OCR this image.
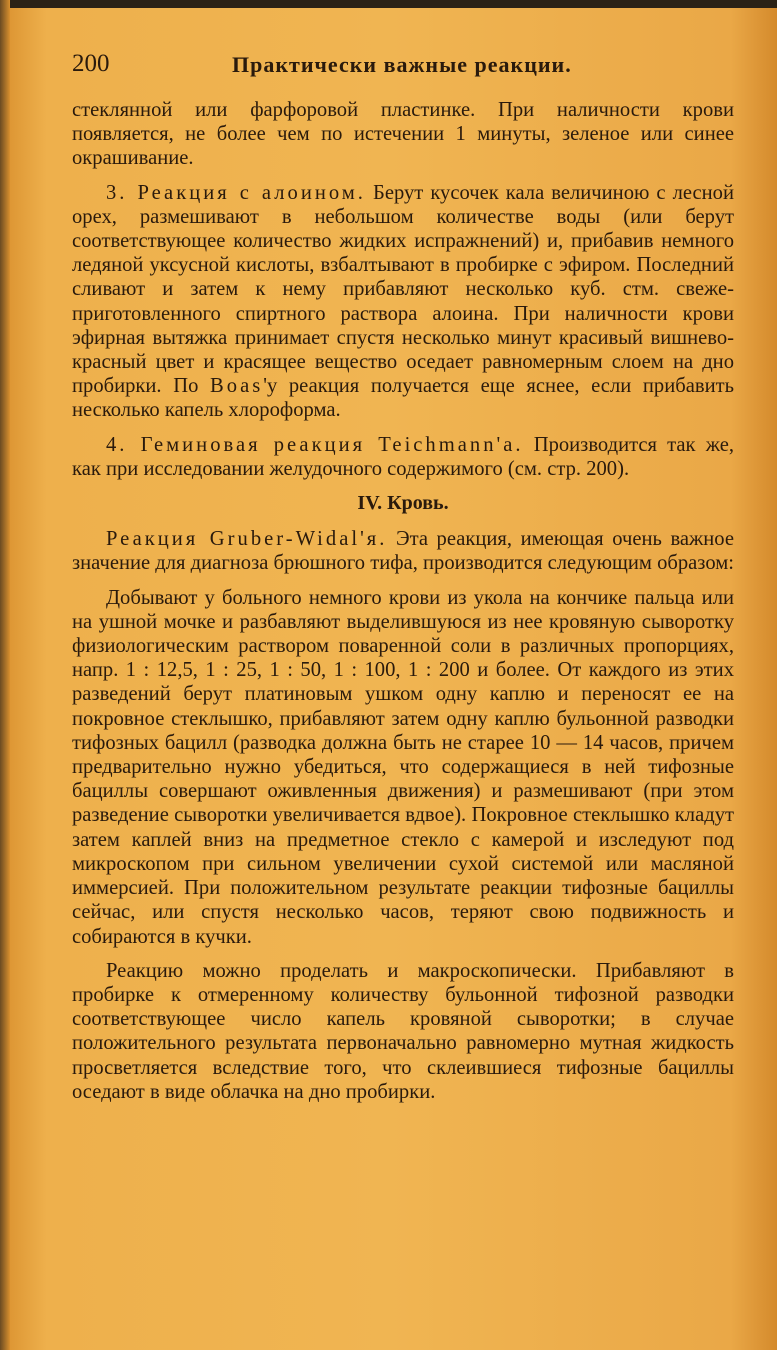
200	Практически важные реакции.

стеклянной или фарфоровой пластинке. При наличности крови появляется, не более чем по истечении 1 минуты, зеленое или синее окрашивание.

3. Реакция с алоином. Берут кусочек кала величиною с лесной орех, размешивают в небольшом количестве воды (или берут соответствующее количество жидких испражнений) и, прибавив немного ледяной уксусной кислоты, взбалтывают в пробирке с эфиром. Последний сливают и затем к нему прибавляют несколько куб. стм. свеже-приготовленного спиртного раствора алоина. При наличности крови эфирная вытяжка принимает спустя несколько минут красивый вишнево-красный цвет и красящее вещество оседает равномерным слоем на дно пробирки. По Boas'у реакция получается еще яснее, если прибавить несколько капель хлороформа.

4. Геминовая реакция Teichmann'a. Производится так же, как при исследовании желудочного содержимого (см. стр. 200).

IV. Кровь.

Реакция Gruber-Widal'я. Эта реакция, имеющая очень важное значение для диагноза брюшного тифа, производится следующим образом:

Добывают у больного немного крови из укола на кончике пальца или на ушной мочке и разбавляют выделившуюся из нее кровяную сыворотку физиологическим раствором поваренной соли в различных пропорциях, напр. 1 : 12,5, 1 : 25, 1 : 50, 1 : 100, 1 : 200 и более. От каждого из этих разведений берут платиновым ушком одну каплю и переносят ее на покровное стеклышко, прибавляют затем одну каплю бульонной разводки тифозных бацилл (разводка должна быть не старее 10 — 14 часов, причем предварительно нужно убедиться, что содержащиеся в ней тифозные бациллы совершают оживленныя движения) и размешивают (при этом разведение сыворотки увеличивается вдвое). Покровное стеклышко кладут затем каплей вниз на предметное стекло с камерой и изследуют под микроскопом при сильном увеличении сухой системой или масляной иммерсией. При положительном результате реакции тифозные бациллы сейчас, или спустя несколько часов, теряют свою подвижность и собираются в кучки.

Реакцию можно проделать и макроскопически. Прибавляют в пробирке к отмеренному количеству бульонной тифозной разводки соответствующее число капель кровяной сыворотки; в случае положительного результата первоначально равномерно мутная жидкость просветляется вследствие того, что склеившиеся тифозные бациллы оседают в виде облачка на дно пробирки.
